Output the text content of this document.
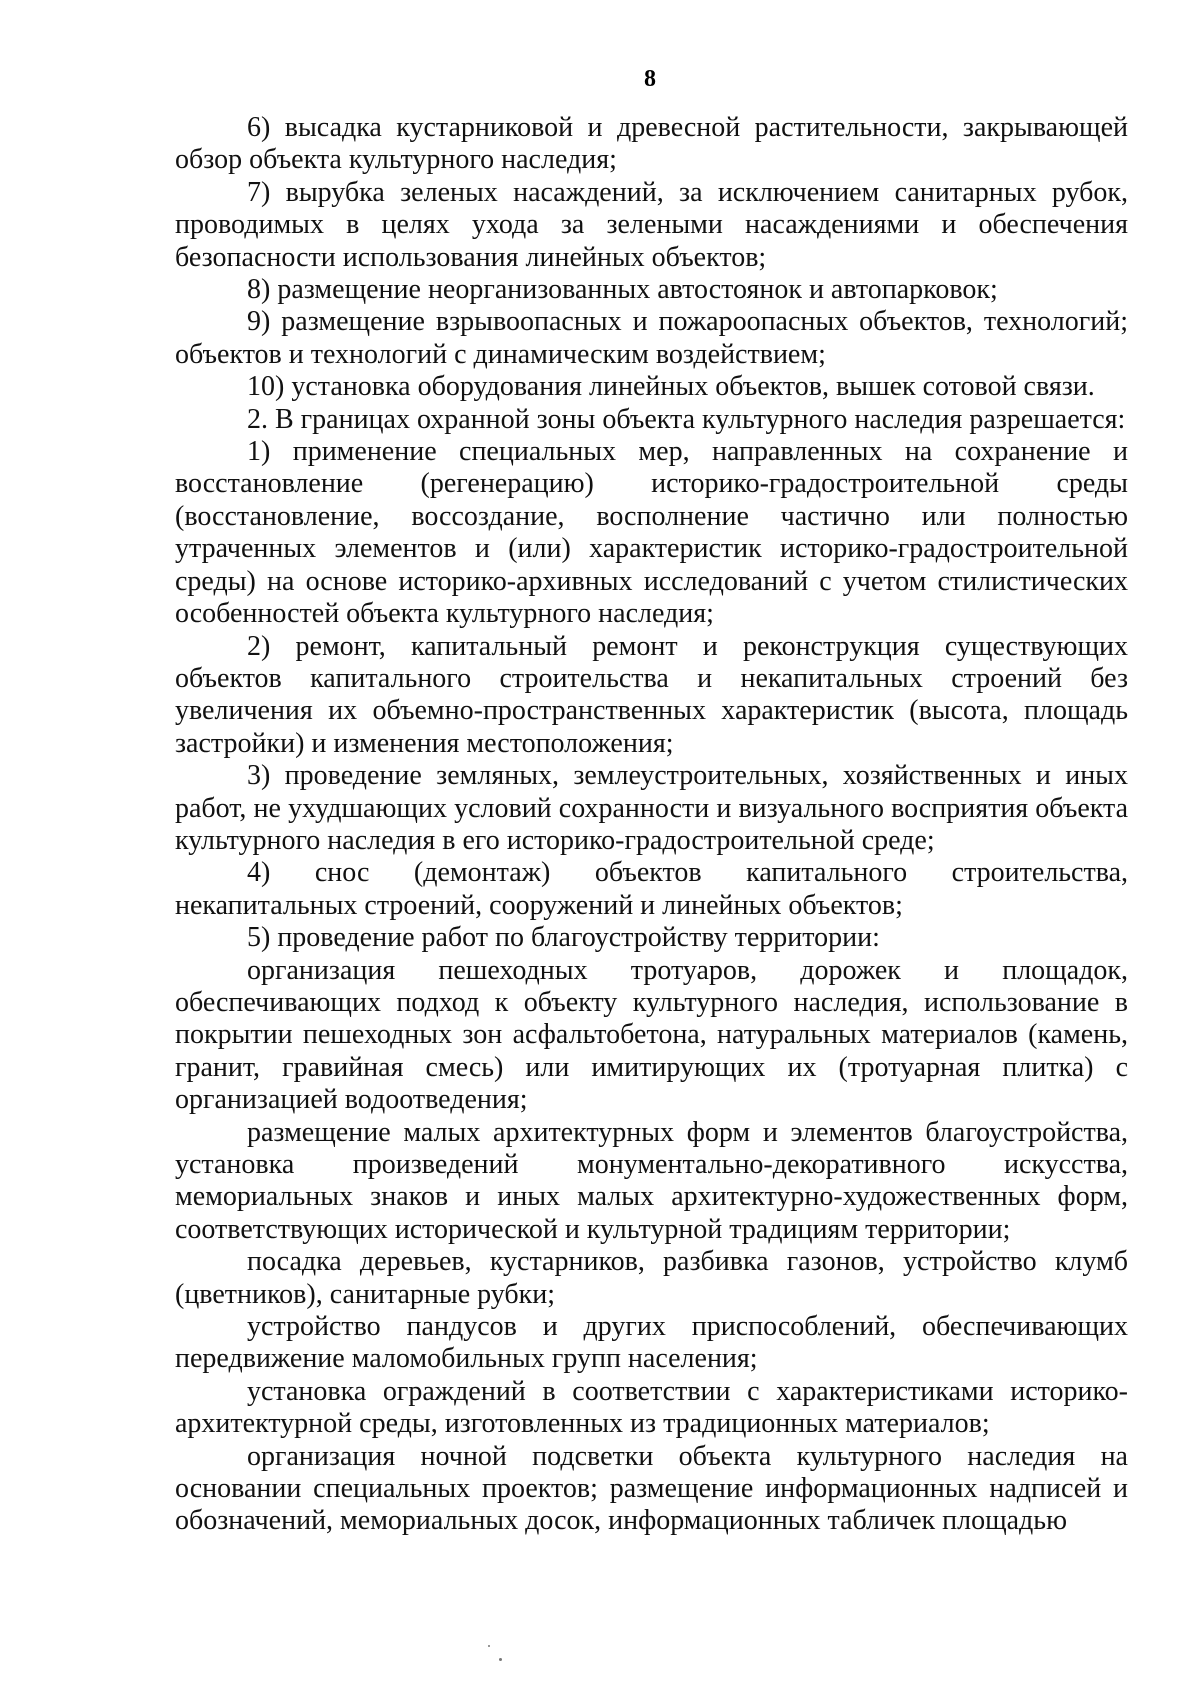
8

6) высадка кустарниковой и древесной растительности, закрывающей обзор объекта культурного наследия;

7) вырубка зеленых насаждений, за исключением санитарных рубок, проводимых в целях ухода за зелеными насаждениями и обеспечения безопасности использования линейных объектов;

8) размещение неорганизованных автостоянок и автопарковок;

9) размещение взрывоопасных и пожароопасных объектов, технологий; объектов и технологий с динамическим воздействием;

10) установка оборудования линейных объектов, вышек сотовой связи.

2. В границах охранной зоны объекта культурного наследия разрешается:

1) применение специальных мер, направленных на сохранение и восстановление (регенерацию) историко-градостроительной среды (восстановление, воссоздание, восполнение частично или полностью утраченных элементов и (или) характеристик историко-градостроительной среды) на основе историко-архивных исследований с учетом стилистических особенностей объекта культурного наследия;

2) ремонт, капитальный ремонт и реконструкция существующих объектов капитального строительства и некапитальных строений без увеличения их объемно-пространственных характеристик (высота, площадь застройки) и изменения местоположения;

3) проведение земляных, землеустроительных, хозяйственных и иных работ, не ухудшающих условий сохранности и визуального восприятия объекта культурного наследия в его историко-градостроительной среде;

4) снос (демонтаж) объектов капитального строительства, некапитальных строений, сооружений и линейных объектов;

5) проведение работ по благоустройству территории:

организация пешеходных тротуаров, дорожек и площадок, обеспечивающих подход к объекту культурного наследия, использование в покрытии пешеходных зон асфальтобетона, натуральных материалов (камень, гранит, гравийная смесь) или имитирующих их (тротуарная плитка) с организацией водоотведения;

размещение малых архитектурных форм и элементов благоустройства, установка произведений монументально-декоративного искусства, мемориальных знаков и иных малых архитектурно-художественных форм, соответствующих исторической и культурной традициям территории;

посадка деревьев, кустарников, разбивка газонов, устройство клумб (цветников), санитарные рубки;

устройство пандусов и других приспособлений, обеспечивающих передвижение маломобильных групп населения;

установка ограждений в соответствии с характеристиками историко-архитектурной среды, изготовленных из традиционных материалов;

организация ночной подсветки объекта культурного наследия на основании специальных проектов; размещение информационных надписей и обозначений, мемориальных досок, информационных табличек площадью
